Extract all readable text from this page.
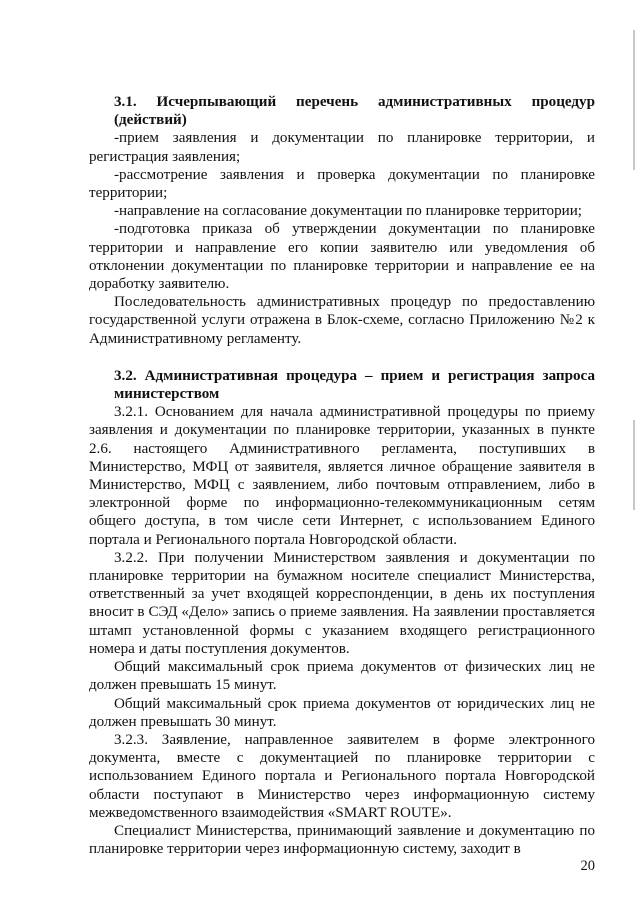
3.1. Исчерпывающий перечень административных процедур (действий)

-прием заявления и документации по планировке территории, и регистрация заявления;

-рассмотрение заявления и проверка документации по планировке территории;

-направление на согласование документации по планировке территории;

-подготовка приказа об утверждении документации по планировке территории и направление его копии заявителю или уведомления об отклонении документации по планировке территории и направление ее на доработку заявителю.

Последовательность административных процедур по предоставлению государственной услуги отражена в Блок-схеме, согласно Приложению №2 к Административному регламенту.

3.2. Административная процедура – прием и регистрация запроса министерством

3.2.1. Основанием для начала административной процедуры по приему заявления и документации по планировке территории, указанных в пункте 2.6. настоящего Административного регламента, поступивших в Министерство, МФЦ от заявителя, является личное обращение заявителя в Министерство, МФЦ с заявлением, либо почтовым отправлением, либо в электронной форме по информационно-телекоммуникационным сетям общего доступа, в том числе сети Интернет, с использованием Единого портала и Регионального портала Новгородской области.

3.2.2. При получении Министерством заявления и документации по планировке территории на бумажном носителе специалист Министерства, ответственный за учет входящей корреспонденции, в день их поступления вносит в СЭД «Дело» запись о приеме заявления. На заявлении проставляется штамп установленной формы с указанием входящего регистрационного номера и даты поступления документов.

Общий максимальный срок приема документов от физических лиц не должен превышать 15 минут.

Общий максимальный срок приема документов от юридических лиц не должен превышать 30 минут.

3.2.3. Заявление, направленное заявителем в форме электронного документа, вместе с документацией по планировке территории с использованием Единого портала и Регионального портала Новгородской области поступают в Министерство через информационную систему межведомственного взаимодействия «SMART ROUTE».

Специалист Министерства, принимающий заявление и документацию по планировке территории через информационную систему, заходит в

20
